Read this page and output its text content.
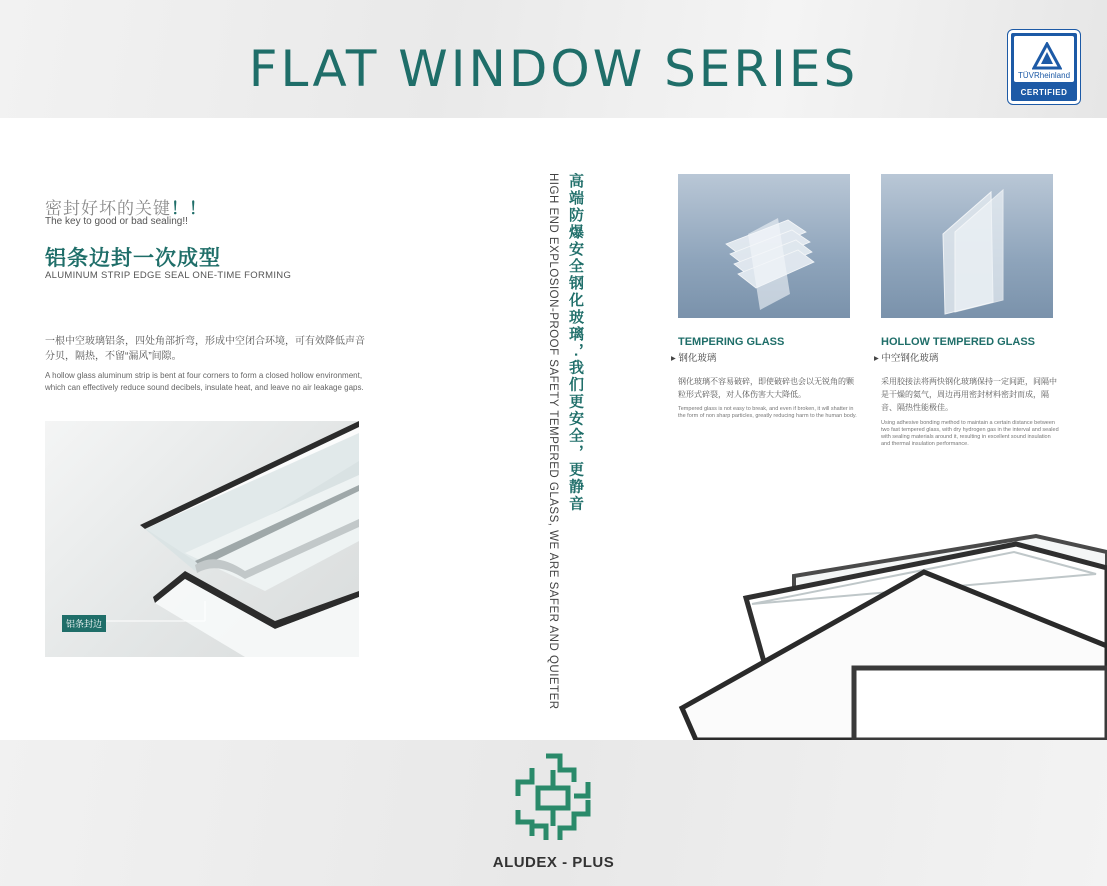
FLAT WINDOW SERIES	TÜVRheinland
CERTIFIED
密封好坏的关键！！
The key to good or bad sealing!!
铝条边封一次成型
ALUMINUM STRIP EDGE SEAL ONE-TIME FORMING
一根中空玻璃铝条，四处角部折弯，形成中空闭合环境，可有效降低声音分贝，隔热，不留“漏风”间隙。
A hollow glass aluminum strip is bent at four corners to form a closed hollow environment, which can effectively reduce sound decibels, insulate heat, and leave no air leakage gaps.
铝条封边
高端防爆安全钢化玻璃，·我们更安全，更静音
HIGH END EXPLOSION-PROOF SAFETY TEMPERED GLASS, WE ARE SAFER AND QUIETER	TEMPERING GLASS
▸ 钢化玻璃
钢化玻璃不容易破碎，即使破碎也会以无锐角的颗粒形式碎裂，对人体伤害大大降低。
Tempered glass is not easy to break, and even if broken, it will shatter in the form of non sharp particles, greatly reducing harm to the human body.
HOLLOW TEMPERED GLASS
▸ 中空钢化玻璃
采用胶接法将两快钢化玻璃保持一定间距，间隔中是干燥的氦气，周边再用密封材料密封而成，隔音、隔热性能极佳。
Using adhesive bonding method to maintain a certain distance between two fast tempered glass, with dry hydrogen gas in the interval and sealed with sealing materials around it, resulting in excellent sound insulation and thermal insulation performance.
ALUDEX - PLUS
